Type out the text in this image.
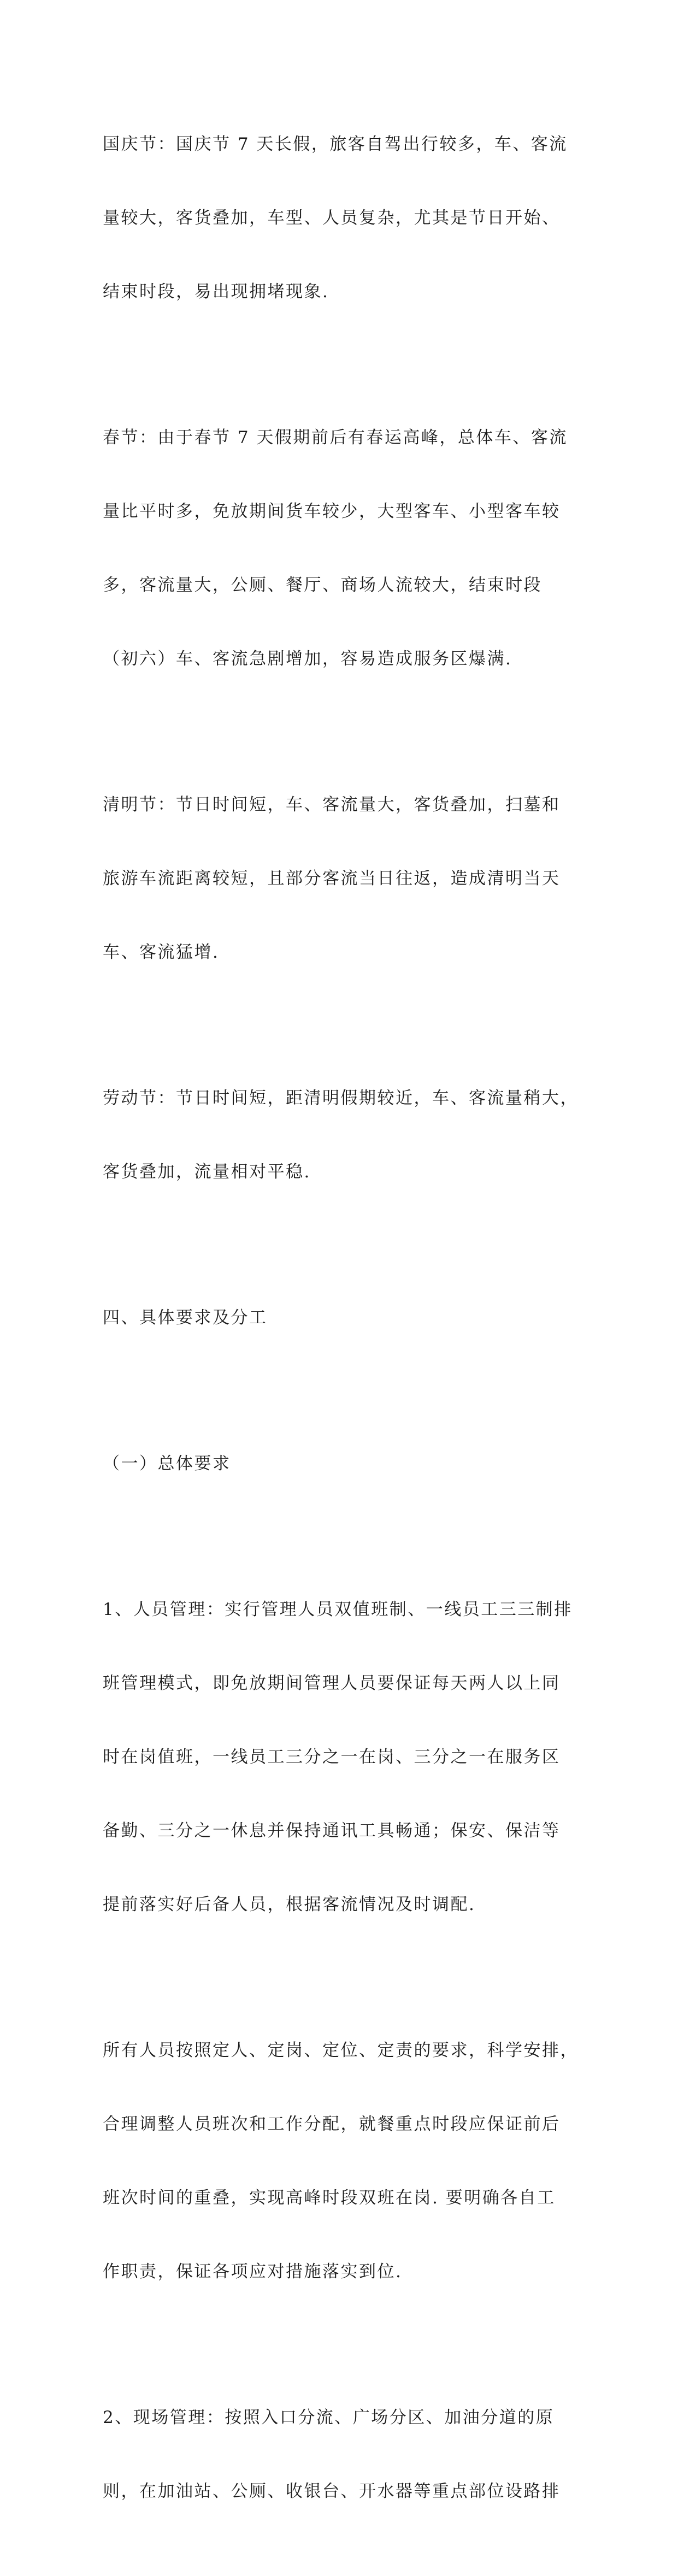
国庆节：国庆节 7 天长假，旅客自驾出行较多，车、客流

量较大，客货叠加，车型、人员复杂，尤其是节日开始、

结束时段，易出现拥堵现象.

春节：由于春节 7 天假期前后有春运高峰，总体车、客流

量比平时多，免放期间货车较少，大型客车、小型客车较

多，客流量大，公厕、餐厅、商场人流较大，结束时段

（初六）车、客流急剧增加，容易造成服务区爆满.

清明节：节日时间短，车、客流量大，客货叠加，扫墓和

旅游车流距离较短，且部分客流当日往返，造成清明当天

车、客流猛增.

劳动节：节日时间短，距清明假期较近，车、客流量稍大，

客货叠加，流量相对平稳.

四、具体要求及分工

（一）总体要求

1、人员管理：实行管理人员双值班制、一线员工三三制排

班管理模式，即免放期间管理人员要保证每天两人以上同

时在岗值班，一线员工三分之一在岗、三分之一在服务区

备勤、三分之一休息并保持通讯工具畅通；保安、保洁等

提前落实好后备人员，根据客流情况及时调配.

所有人员按照定人、定岗、定位、定责的要求，科学安排，

合理调整人员班次和工作分配，就餐重点时段应保证前后

班次时间的重叠，实现高峰时段双班在岗. 要明确各自工

作职责，保证各项应对措施落实到位.

2、现场管理：按照入口分流、广场分区、加油分道的原

则，在加油站、公厕、收银台、开水器等重点部位设路排
